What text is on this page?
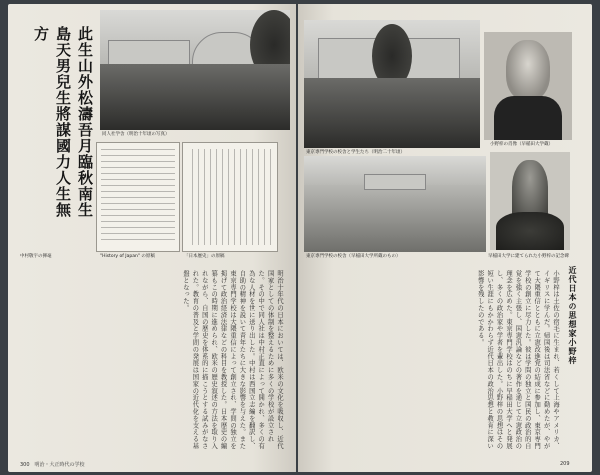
此生山外松濤吾月臨秋南生島天男兒生將謀國力人生無方
同人社学舎（明治十年頃の写真）
中村敬宇の揮毫	"History of Japan" の原稿	「日本歴史」の原稿
明治十年代の日本においては、欧米の文化を吸収し、近代国家としての体制を整えるために多くの学校が設立された。その中で同人社は中村正直によって開かれ、多くの有為な人材を世に送り出した。中村は西国立志編を翻訳し、自助の精神を説いて青年たちに大きな影響を与えた。また東京専門学校は大隈重信によって創立され、学問の独立を掲げて政治経済法律などの科目を教授した。日本歴史の編纂もこの時期に進められ、欧米の歴史叙述の方法を取り入れながら、自国の歴史を体系的に描こうとする試みがなされた。教育の普及と学問の発展は国家の近代化を支える基盤となった。
300　明治・大正時代の学校
東京専門学校の校舎と学生たち（明治二十年頃）
小野梓の肖像（早稲田大学蔵）
東京専門学校の校舎（早稲田大学所蔵のもの）	早稲田大学に建てられた小野梓の記念碑
近代日本の思想家小野梓
小野梓は土佐の宿毛に生まれ、若くして上海やアメリカ、イギリスに学んだ。帰国後は司法省などに勤めたが、やがて大隈重信とともに立憲改進党の結成に参加し、東京専門学校の創立に尽力した。彼は学問の独立と国民の政治的自覚を強く主張し、国憲汎論などの著作を通じて立憲政治の理念を広めた。東京専門学校はのちに早稲田大学へと発展し、多くの政治家や学者を輩出した。小野梓の思想はその短い生涯にもかかわらず近代日本の政治思想と教育に深い影響を残したのである。
209
